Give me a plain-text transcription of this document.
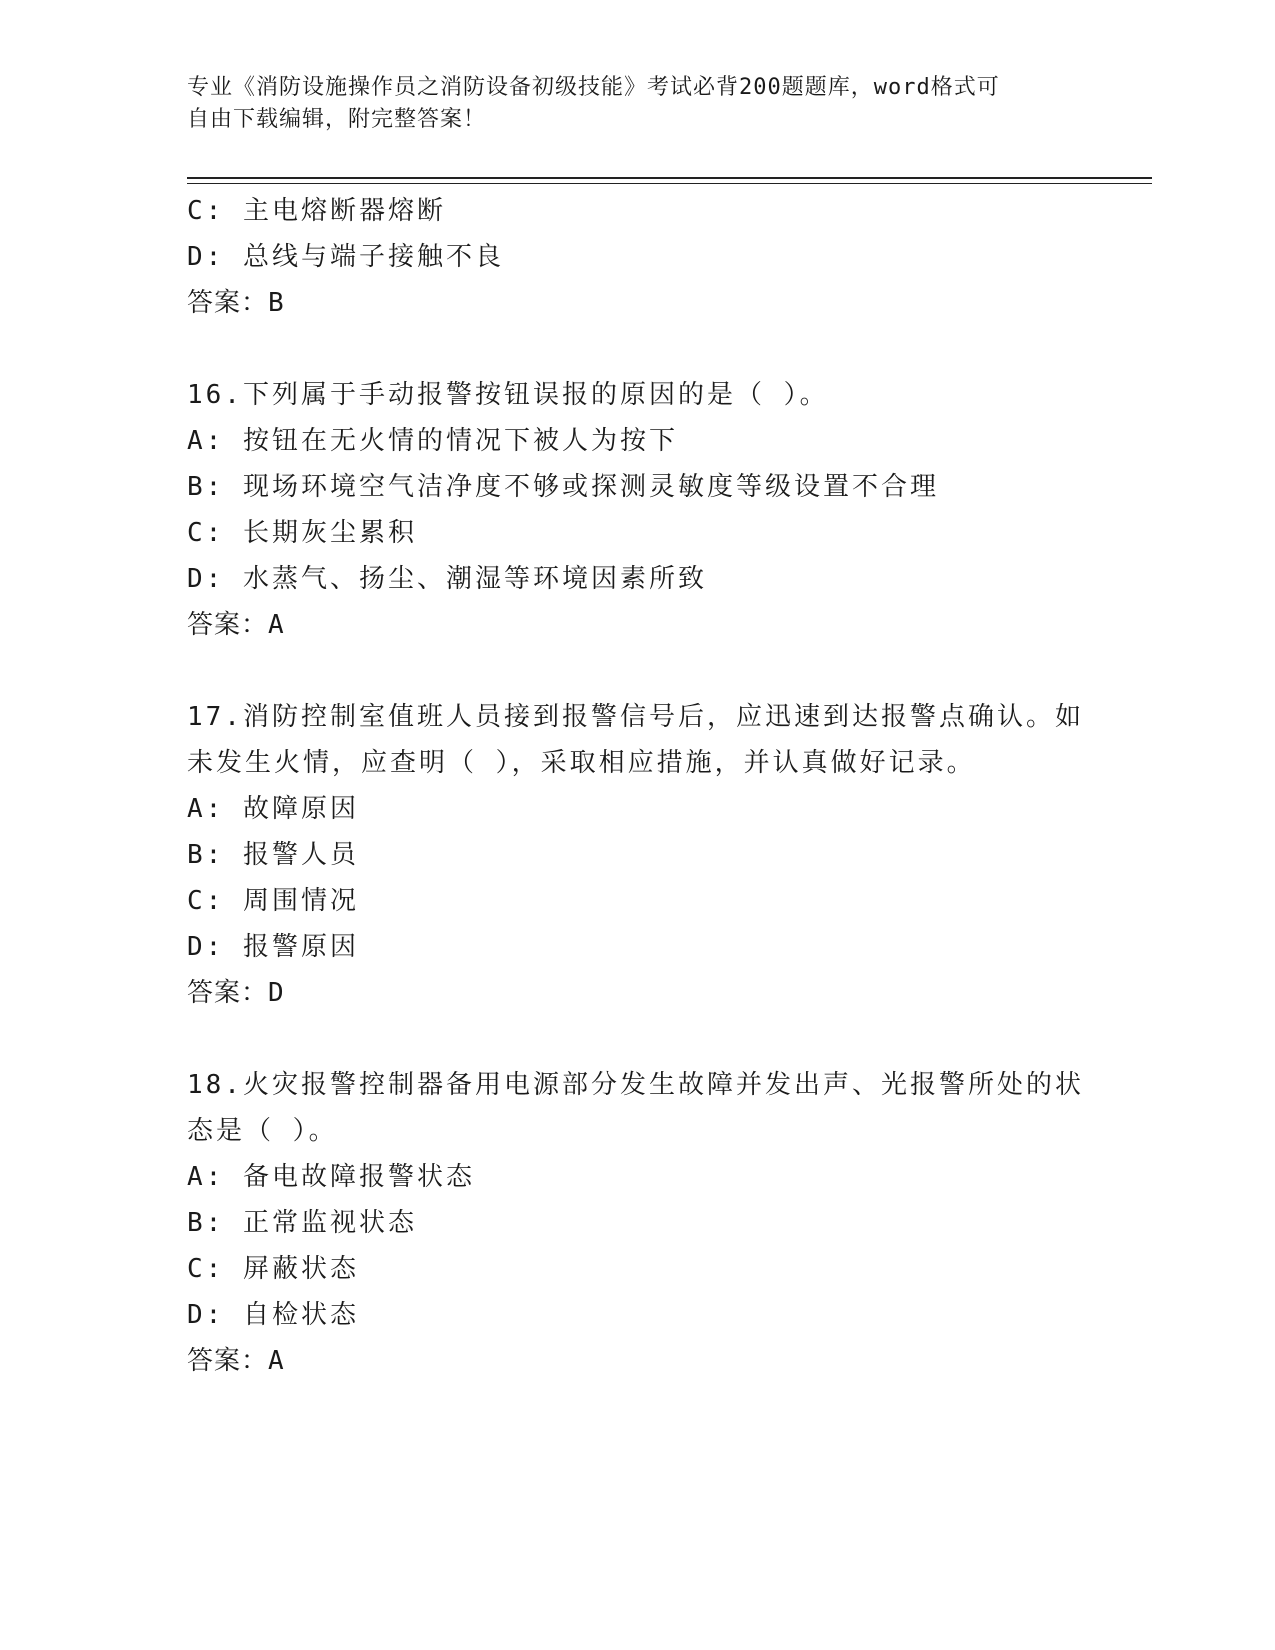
专业《消防设施操作员之消防设备初级技能》考试必背200题题库，word格式可
自由下载编辑，附完整答案！
C: 主电熔断器熔断
D: 总线与端子接触不良
答案：B
16.下列属于手动报警按钮误报的原因的是（ ）。
A: 按钮在无火情的情况下被人为按下
B: 现场环境空气洁净度不够或探测灵敏度等级设置不合理
C: 长期灰尘累积
D: 水蒸气、扬尘、潮湿等环境因素所致
答案：A
17.消防控制室值班人员接到报警信号后，应迅速到达报警点确认。如
未发生火情，应查明（ ），采取相应措施，并认真做好记录。
A: 故障原因
B: 报警人员
C: 周围情况
D: 报警原因
答案：D
18.火灾报警控制器备用电源部分发生故障并发出声、光报警所处的状
态是（ ）。
A: 备电故障报警状态
B: 正常监视状态
C: 屏蔽状态
D: 自检状态
答案：A
